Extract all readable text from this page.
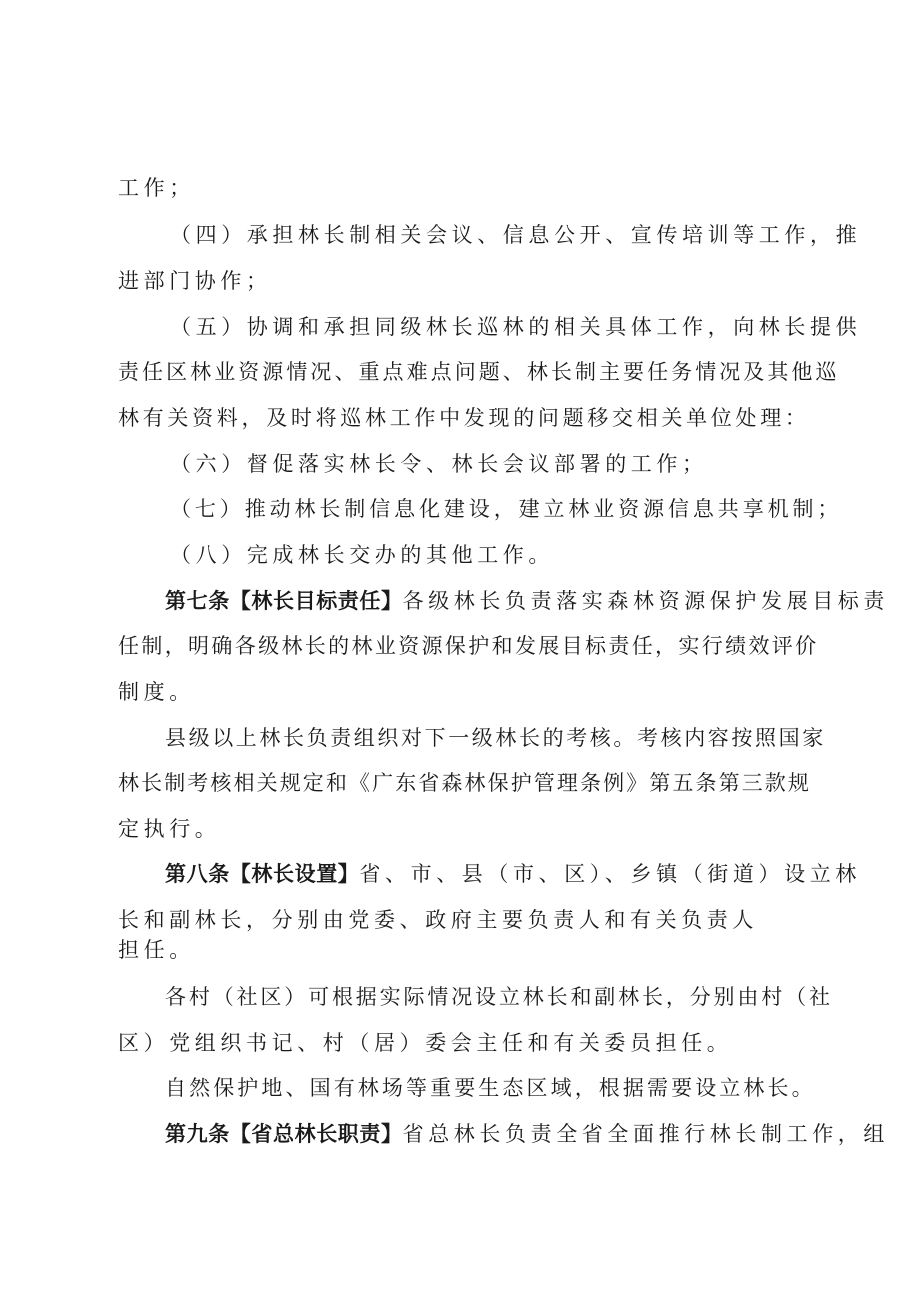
工作；
（四）承担林长制相关会议、信息公开、宣传培训等工作，推
进部门协作；
（五）协调和承担同级林长巡林的相关具体工作，向林长提供
责任区林业资源情况、重点难点问题、林长制主要任务情况及其他巡
林有关资料，及时将巡林工作中发现的问题移交相关单位处理：
（六）督促落实林长令、林长会议部署的工作；
（七）推动林长制信息化建设，建立林业资源信息共享机制；
（八）完成林长交办的其他工作。
第七条【林长目标责任】各级林长负责落实森林资源保护发展目标责
任制，明确各级林长的林业资源保护和发展目标责任，实行绩效评价
制度。
县级以上林长负责组织对下一级林长的考核。考核内容按照国家
林长制考核相关规定和《广东省森林保护管理条例》第五条第三款规
定执行。
第八条【林长设置】省、市、县（市、区）、乡镇（街道）设立林
长和副林长，分别由党委、政府主要负责人和有关负责人
担任。
各村（社区）可根据实际情况设立林长和副林长，分别由村（社
区）党组织书记、村（居）委会主任和有关委员担任。
自然保护地、国有林场等重要生态区域，根据需要设立林长。
第九条【省总林长职责】省总林长负责全省全面推行林长制工作，组
